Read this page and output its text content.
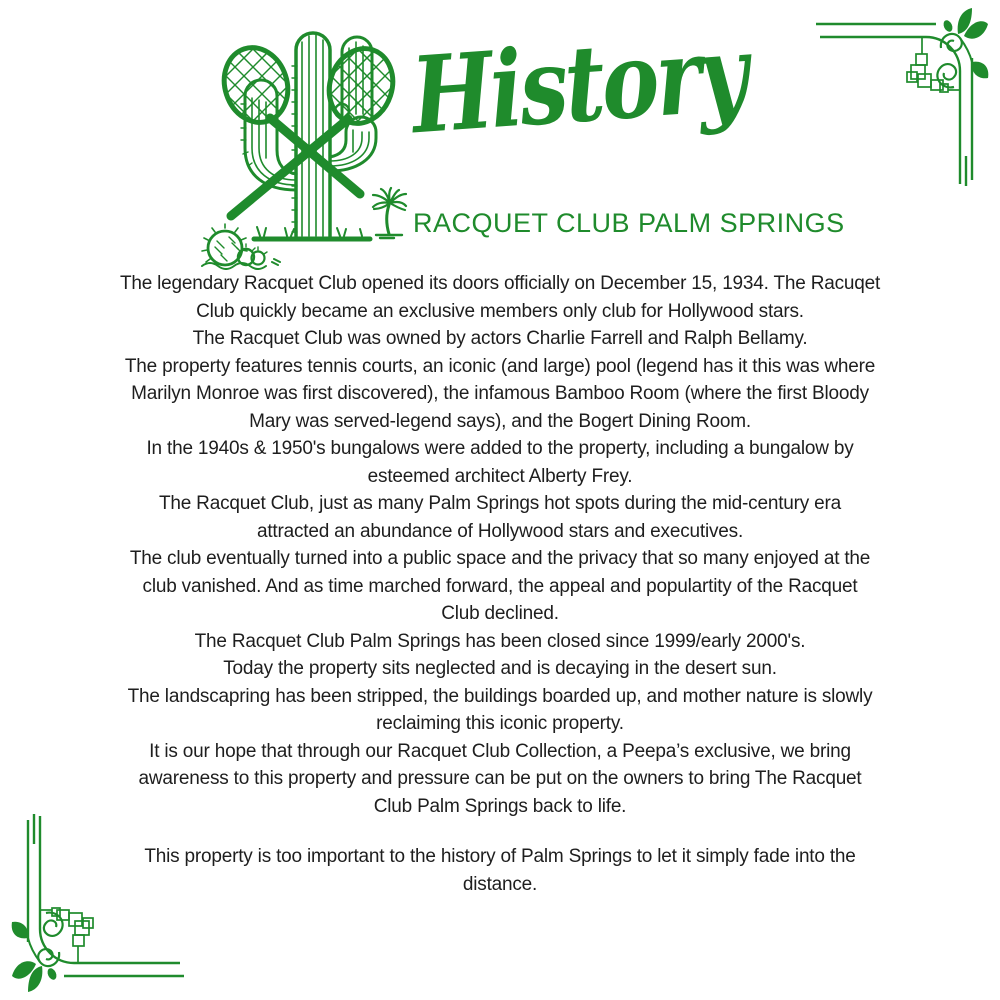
History
RACQUET CLUB PALM SPRINGS
The legendary Racquet Club opened its doors officially on December 15, 1934. The Racuqet
Club quickly became an exclusive members only club for Hollywood stars.
The Racquet Club was owned by actors Charlie Farrell and Ralph Bellamy.
The property features tennis courts, an iconic (and large) pool (legend has it this was where
Marilyn Monroe was first discovered), the infamous Bamboo Room (where the first Bloody
Mary was served-legend says), and the Bogert Dining Room.
In the 1940s & 1950's bungalows were added to the property, including a bungalow by
esteemed architect Alberty Frey.
The Racquet Club, just as many Palm Springs hot spots during the mid-century era
attracted an abundance of Hollywood stars and executives.
The club eventually turned into a public space and the privacy that so many enjoyed at the
club vanished. And as time marched forward, the appeal and populartity of the Racquet
Club declined.
The Racquet Club Palm Springs has been closed since 1999/early 2000's.
Today the property sits neglected and is decaying in the desert sun.
The landscapring has been stripped, the buildings boarded up, and mother nature is slowly
reclaiming this iconic property.
It is our hope that through our Racquet Club Collection, a Peepa’s exclusive, we bring
awareness to this property and pressure can be put on the owners to bring The Racquet
Club Palm Springs back to life.
This property is too important to the history of Palm Springs to let it simply fade into the
distance.
